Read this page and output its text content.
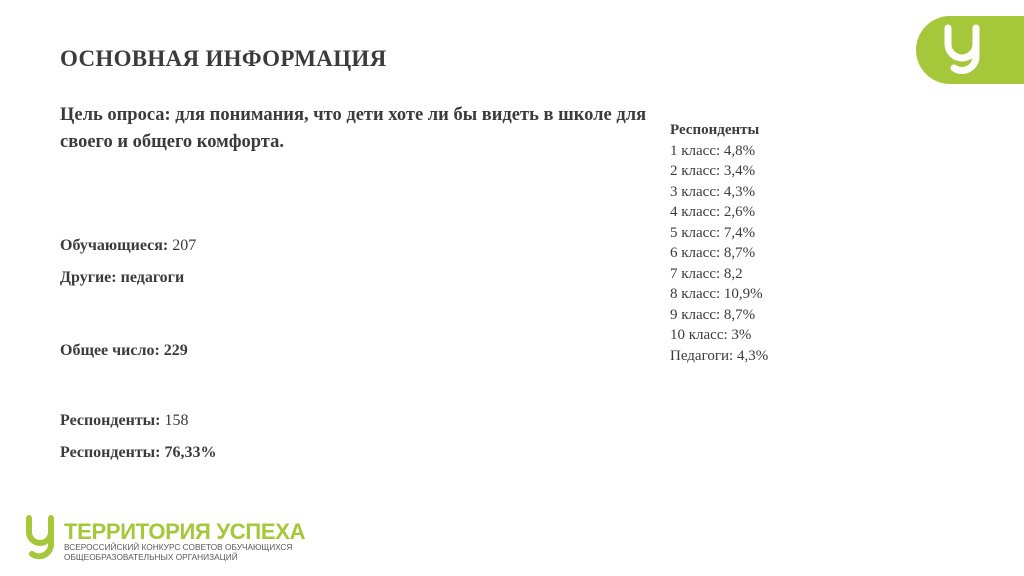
ОСНОВНАЯ ИНФОРМАЦИЯ
Цель опроса: для понимания, что дети хоте ли бы видеть в школе для своего и общего комфорта.
Обучающиеся: 207
Другие: педагоги
Общее число: 229
Респонденты: 158
Респонденты: 76,33%
Респонденты
1 класс: 4,8%
2 класс: 3,4%
3 класс: 4,3%
4 класс: 2,6%
5 класс: 7,4%
6 класс: 8,7%
7 класс: 8,2
8 класс: 10,9%
9 класс: 8,7%
10 класс: 3%
Педагоги: 4,3%
ТЕРРИТОРИЯ УСПЕХА
ВСЕРОССИЙСКИЙ КОНКУРС СОВЕТОВ ОБУЧАЮЩИХСЯ
ОБЩЕОБРАЗОВАТЕЛЬНЫХ ОРГАНИЗАЦИЙ
